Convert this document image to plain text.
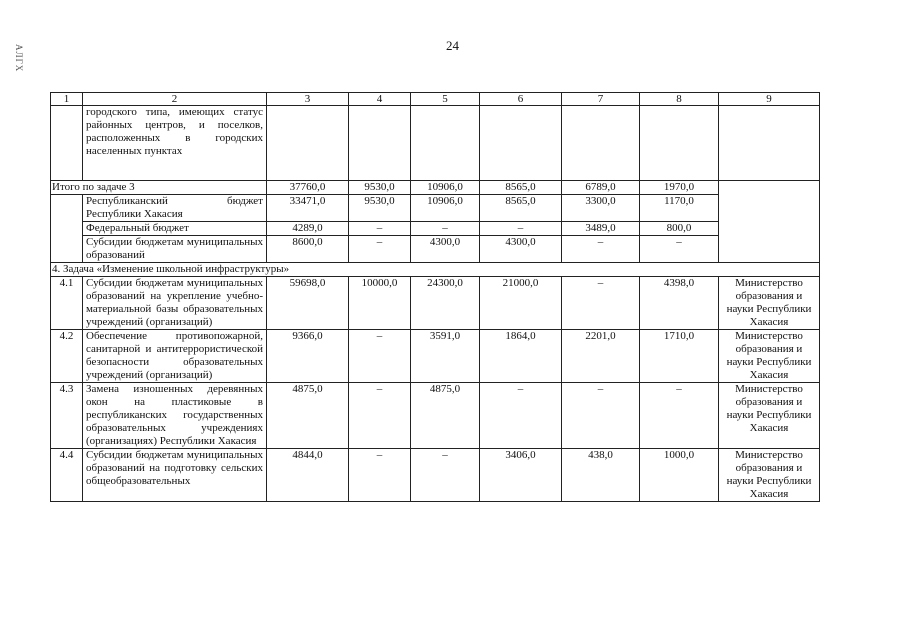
АЛГХ	24
1	2	3	4	5	6	7	8	9
	городского типа, имеющих статус районных центров, и поселков, расположенных в городских населенных пунктах							
Итого по задаче 3		37760,0	9530,0	10906,0	8565,0	6789,0	1970,0	
	Республиканский бюджет Республики Хакасия	33471,0	9530,0	10906,0	8565,0	3300,0	1170,0	
	Федеральный бюджет	4289,0	–	–	–	3489,0	800,0	
	Субсидии бюджетам муниципальных образований	8600,0	–	4300,0	4300,0	–	–	
4. Задача «Изменение школьной инфраструктуры»								
4.1	Субсидии бюджетам муниципальных образований на укрепление учебно-материальной базы образовательных учреждений (организаций)	59698,0	10000,0	24300,0	21000,0	–	4398,0	Министерство образования и науки Республики Хакасия
4.2	Обеспечение противопожарной, санитарной и антитеррористической безопасности образовательных учреждений (организаций)	9366,0	–	3591,0	1864,0	2201,0	1710,0	Министерство образования и науки Республики Хакасия
4.3	Замена изношенных деревянных окон на пластиковые в республиканских государственных образовательных учреждениях (организациях) Республики Хакасия	4875,0	–	4875,0	–	–	–	Министерство образования и науки Республики Хакасия
4.4	Субсидии бюджетам муниципальных образований на подготовку сельских общеобразовательных	4844,0	–	–	3406,0	438,0	1000,0	Министерство образования и науки Республики Хакасия
